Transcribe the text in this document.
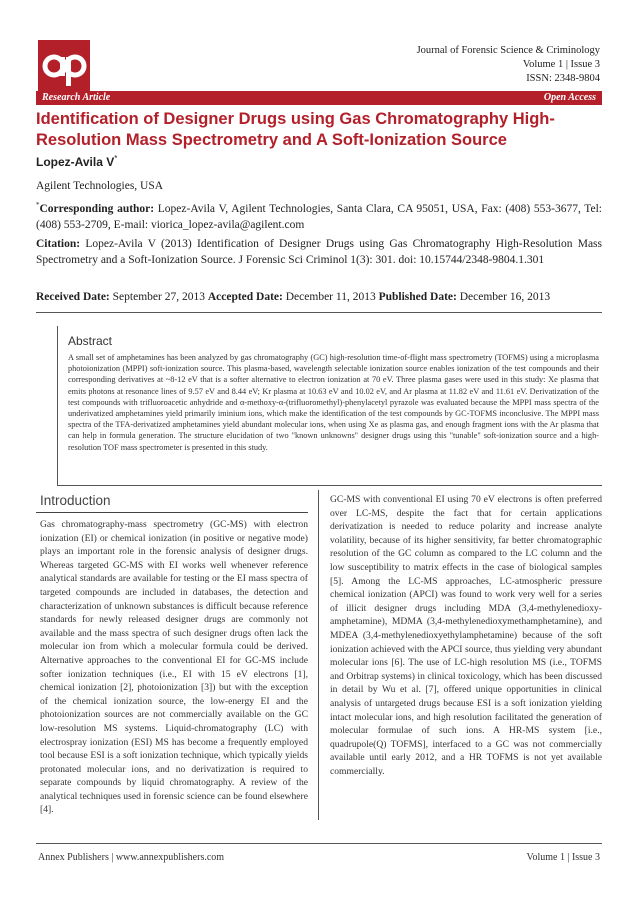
Journal of Forensic Science & Criminology
Volume 1 | Issue 3
ISSN: 2348-9804
Research Article	Open Access
Identification of Designer Drugs using Gas Chromatography High-Resolution Mass Spectrometry and A Soft-Ionization Source
Lopez-Avila V*
Agilent Technologies, USA
*Corresponding author: Lopez-Avila V, Agilent Technologies, Santa Clara, CA 95051, USA, Fax: (408) 553-3677, Tel: (408) 553-2709, E-mail: viorica_lopez-avila@agilent.com
Citation: Lopez-Avila V (2013) Identification of Designer Drugs using Gas Chromatography High-Resolution Mass Spectrometry and a Soft-Ionization Source. J Forensic Sci Criminol 1(3): 301. doi: 10.15744/2348-9804.1.301
Received Date: September 27, 2013 Accepted Date: December 11, 2013 Published Date: December 16, 2013
Abstract
A small set of amphetamines has been analyzed by gas chromatography (GC) high-resolution time-of-flight mass spectrometry (TOFMS) using a microplasma photoionization (MPPI) soft-ionization source. This plasma-based, wavelength selectable ionization source enables ionization of the test compounds and their corresponding derivatives at ~8-12 eV that is a softer alternative to electron ionization at 70 eV. Three plasma gases were used in this study: Xe plasma that emits photons at resonance lines of 9.57 eV and 8.44 eV; Kr plasma at 10.63 eV and 10.02 eV, and Ar plasma at 11.82 eV and 11.61 eV. Derivatization of the test compounds with trifluoroacetic anhydride and α-methoxy-α-(trifluoromethyl)-phenylacetyl pyrazole was evaluated because the MPPI mass spectra of the underivatized amphetamines yield primarily iminium ions, which make the identification of the test compounds by GC-TOFMS inconclusive. The MPPI mass spectra of the TFA-derivatized amphetamines yield abundant molecular ions, when using Xe as plasma gas, and enough fragment ions with the Ar plasma that can help in formula generation. The structure elucidation of two "known unknowns" designer drugs using this "tunable" soft-ionization source and a high-resolution TOF mass spectrometer is presented in this study.
Introduction
Gas chromatography-mass spectrometry (GC-MS) with electron ionization (EI) or chemical ionization (in positive or negative mode) plays an important role in the forensic analysis of designer drugs. Whereas targeted GC-MS with EI works well whenever reference analytical standards are available for testing or the EI mass spectra of targeted compounds are included in databases, the detection and characterization of unknown substances is difficult because reference standards for newly released designer drugs are commonly not available and the mass spectra of such designer drugs often lack the molecular ion from which a molecular formula could be derived. Alternative approaches to the conventional EI for GC-MS include softer ionization techniques (i.e., EI with 15 eV electrons [1], chemical ionization [2], photoionization [3]) but with the exception of the chemical ionization source, the low-energy EI and the photoionization sources are not commercially available on the GC low-resolution MS systems. Liquid-chromatography (LC) with electrospray ionization (ESI) MS has become a frequently employed tool because ESI is a soft ionization technique, which typically yields protonated molecular ions, and no derivatization is required to separate compounds by liquid chromatography. A review of the analytical techniques used in forensic science can be found elsewhere [4].
GC-MS with conventional EI using 70 eV electrons is often preferred over LC-MS, despite the fact that for certain applications derivatization is needed to reduce polarity and increase analyte volatility, because of its higher sensitivity, far better chromatographic resolution of the GC column as compared to the LC column and the low susceptibility to matrix effects in the case of biological samples [5]. Among the LC-MS approaches, LC-atmospheric pressure chemical ionization (APCI) was found to work very well for a series of illicit designer drugs including MDA (3,4-methylenedioxy-amphetamine), MDMA (3,4-methylenedioxymethamphetamine), and MDEA (3,4-methylenedioxyethylamphetamine) because of the soft ionization achieved with the APCI source, thus yielding very abundant molecular ions [6]. The use of LC-high resolution MS (i.e., TOFMS and Orbitrap systems) in clinical toxicology, which has been discussed in detail by Wu et al. [7], offered unique opportunities in clinical analysis of untargeted drugs because ESI is a soft ionization yielding intact molecular ions, and high resolution facilitated the generation of molecular formulae of such ions. A HR-MS system [i.e., quadrupole(Q) TOFMS], interfaced to a GC was not commercially available until early 2012, and a HR TOFMS is not yet available commercially.
Annex Publishers | www.annexpublishers.com	Volume 1 | Issue 3
